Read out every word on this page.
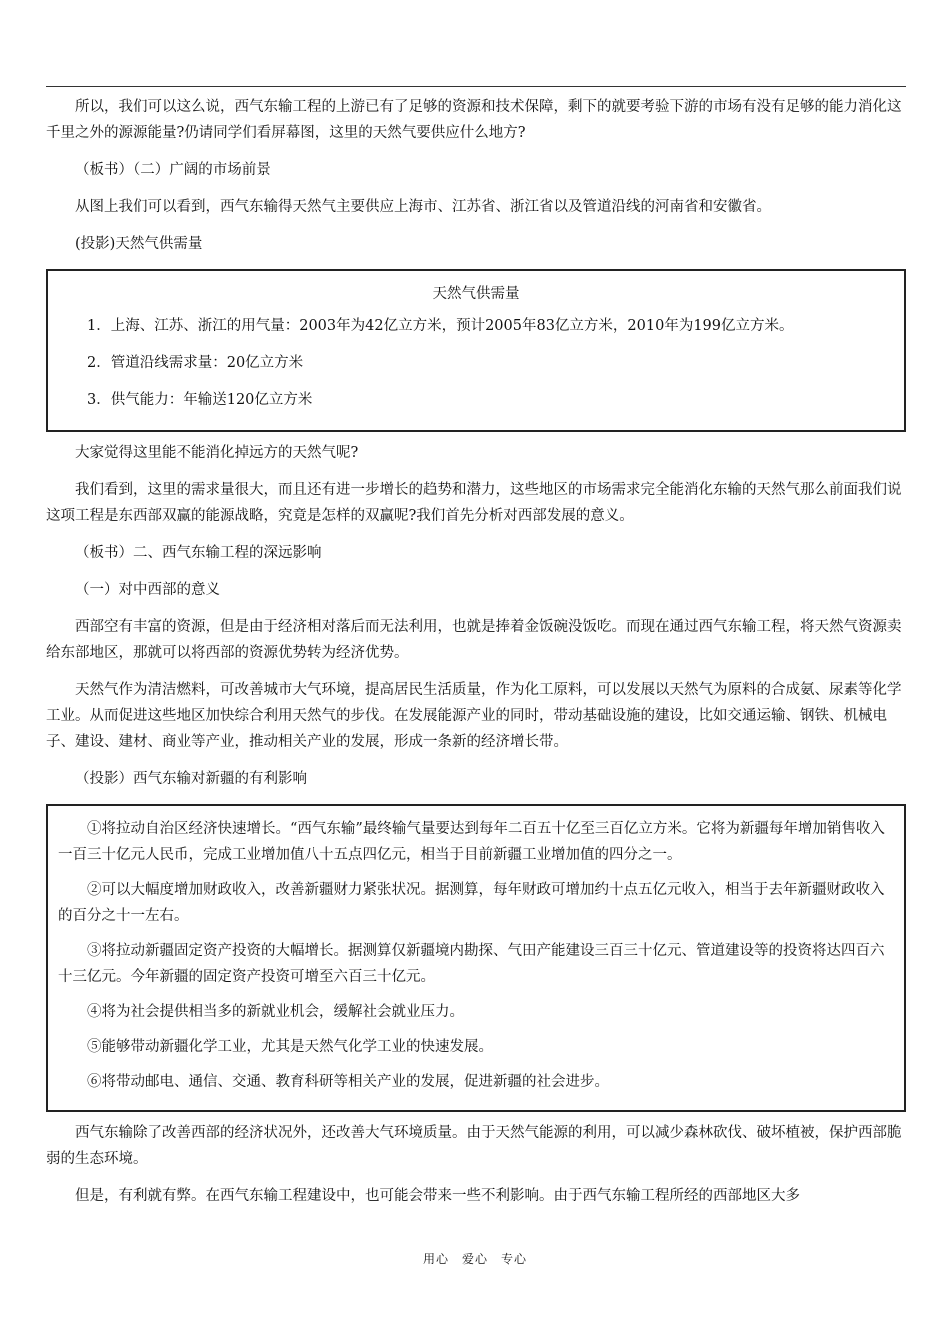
所以，我们可以这么说，西气东输工程的上游已有了足够的资源和技术保障，剩下的就要考验下游的市场有没有足够的能力消化这千里之外的源源能量?仍请同学们看屏幕图，这里的天然气要供应什么地方?

（板书）（二）广阔的市场前景

从图上我们可以看到，西气东输得天然气主要供应上海市、江苏省、浙江省以及管道沿线的河南省和安徽省。

(投影)天然气供需量

天然气供需量

1．上海、江苏、浙江的用气量：2003年为42亿立方米，预计2005年83亿立方米，2010年为199亿立方米。

2．管道沿线需求量：20亿立方米

3．供气能力：年输送120亿立方米

大家觉得这里能不能消化掉远方的天然气呢?

我们看到，这里的需求量很大，而且还有进一步增长的趋势和潜力，这些地区的市场需求完全能消化东输的天然气那么前面我们说这项工程是东西部双赢的能源战略，究竟是怎样的双赢呢?我们首先分析对西部发展的意义。

（板书）二、西气东输工程的深远影响

（一）对中西部的意义

西部空有丰富的资源，但是由于经济相对落后而无法利用，也就是捧着金饭碗没饭吃。而现在通过西气东输工程，将天然气资源卖给东部地区，那就可以将西部的资源优势转为经济优势。

天然气作为清洁燃料，可改善城市大气环境，提高居民生活质量，作为化工原料，可以发展以天然气为原料的合成氨、尿素等化学工业。从而促进这些地区加快综合利用天然气的步伐。在发展能源产业的同时，带动基础设施的建设，比如交通运输、钢铁、机械电子、建设、建材、商业等产业，推动相关产业的发展，形成一条新的经济增长带。

（投影）西气东输对新疆的有利影响

①将拉动自治区经济快速增长。“西气东输”最终输气量要达到每年二百五十亿至三百亿立方米。它将为新疆每年增加销售收入一百三十亿元人民币，完成工业增加值八十五点四亿元，相当于目前新疆工业增加值的四分之一。

②可以大幅度增加财政收入，改善新疆财力紧张状况。据测算，每年财政可增加约十点五亿元收入，相当于去年新疆财政收入的百分之十一左右。

③将拉动新疆固定资产投资的大幅增长。据测算仅新疆境内勘探、气田产能建设三百三十亿元、管道建设等的投资将达四百六十三亿元。今年新疆的固定资产投资可增至六百三十亿元。

④将为社会提供相当多的新就业机会，缓解社会就业压力。

⑤能够带动新疆化学工业，尤其是天然气化学工业的快速发展。

⑥将带动邮电、通信、交通、教育科研等相关产业的发展，促进新疆的社会进步。

西气东输除了改善西部的经济状况外，还改善大气环境质量。由于天然气能源的利用，可以减少森林砍伐、破坏植被，保护西部脆弱的生态环境。

但是，有利就有弊。在西气东输工程建设中，也可能会带来一些不利影响。由于西气东输工程所经的西部地区大多

用心　爱心　专心
